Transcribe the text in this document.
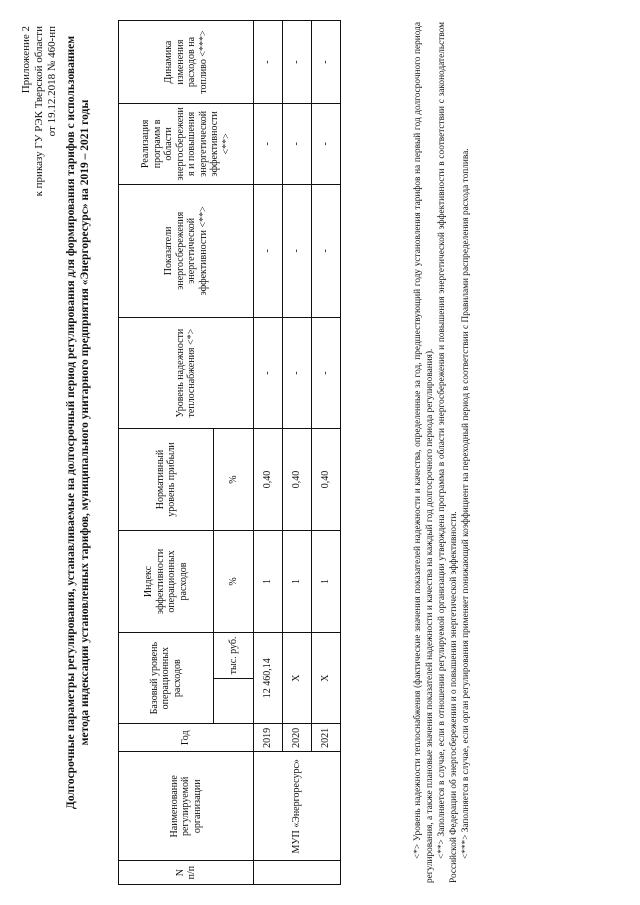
Приложение 2 к приказу ГУ РЭК Тверской области от 19.12.2018 № 460-нп Долгосрочные параметры регулирования, устанавливаемые на долгосрочный период регулирования для формирования тарифов с использованием метода индексации установленных тарифов, муниципального унитарного предприятия «Энергоресурс» на 2019 – 2021 годы
N п/п	Наименование регулируемой организации	Год	Базовый уровень операционных расходов		Индекс эффективности операционных расходов	Нормативный уровень прибыли	Уровень надежности теплоснабжения <*>	Показатели энергосбережения энергетической эффективности <**>	Реализация программ в области энергосбережени я и повышения энергетической эффективности <**>	Динамика изменения расходов на топливо <***>
				тыс. руб.	%	%				
	МУП «Энергоресурс»	2019	12 460,14		1	0,40	-	-	-	-
		2020	Х		1	0,40	-	-	-	-
		2021	Х		1	0,40	-	-	-	-	<*> Уровень надежности теплоснабжения (фактические значения показателей надежности и качества, определенные за год, предшествующий году установления тарифов на первый год долгосрочного периода регулирования, а также плановые значения показателей надежности и качества на каждый год долгосрочного периода регулирования). <**> Заполняется в случае, если в отношении регулируемой организации утверждена программа в области энергосбережения и повышения энергетической эффективности в соответствии с законодательством Российской Федерации об энергосбережении и о повышении энергетической эффективности. <***> Заполняется в случае, если орган регулирования применяет понижающий коэффициент на переходный период в соответствии с Правилами распределения расхода топлива.
